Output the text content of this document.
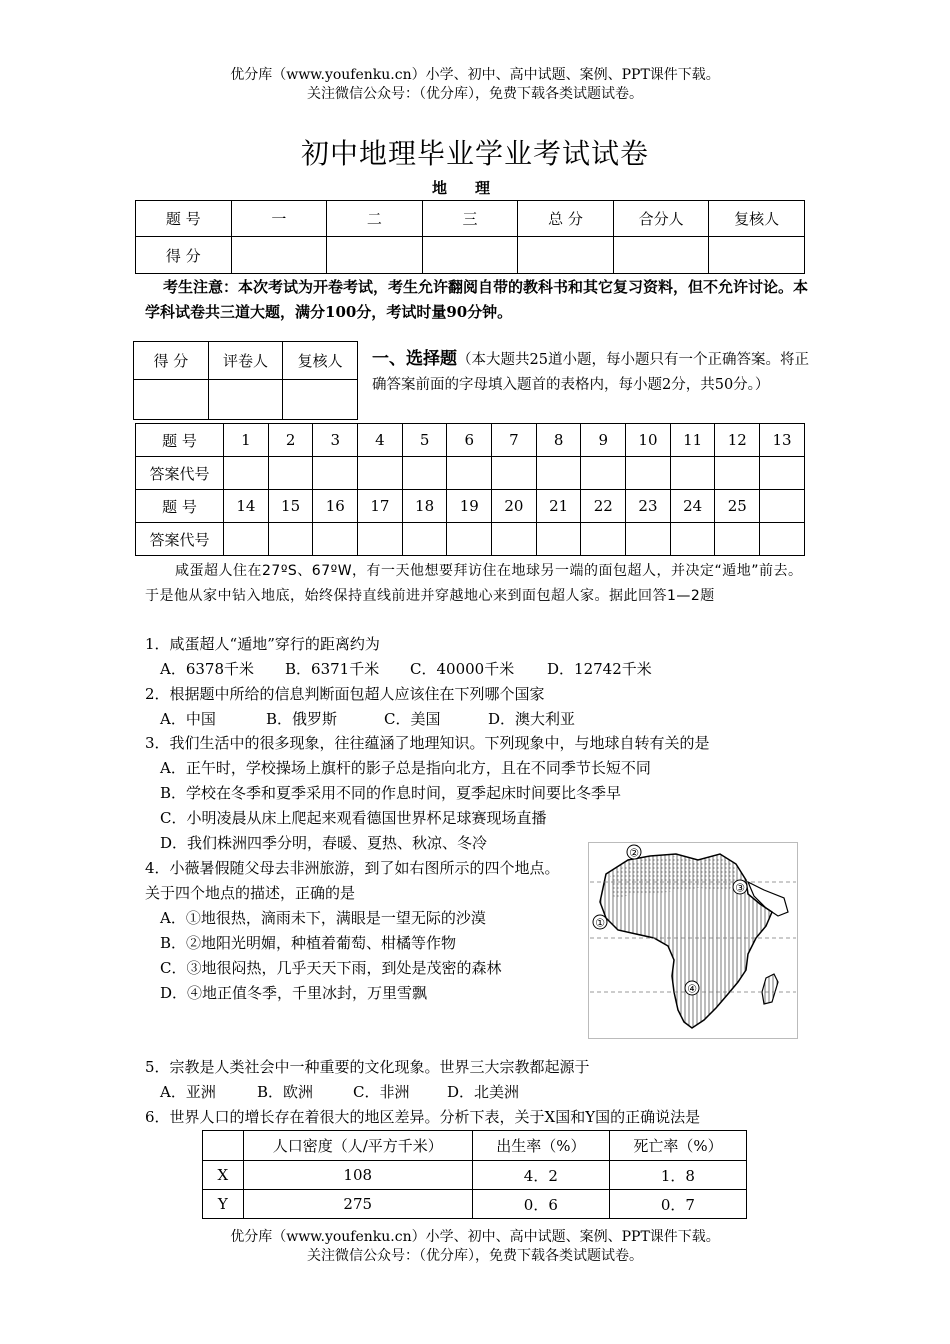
优分库（www.youfenku.cn）小学、初中、高中试题、案例、PPT课件下载。
关注微信公众号：（优分库），免费下载各类试题试卷。
初中地理毕业学业考试试卷
地理
题 号	一	二	三	总 分	合分人	复核人
得 分						
考生注意：本次考试为开卷考试，考生允许翻阅自带的教科书和其它复习资料，但不允许讨论。本学科试卷共三道大题，满分100分，考试时量90分钟。
得 分	评卷人	复核人
		一、选择题（本大题共25道小题，每小题只有一个正确答案。将正确答案前面的字母填入题首的表格内，每小题2分，共50分。）
题 号	1	2	3	4	5	6	7	8	9	10	11	12	13
答案代号													
题 号	14	15	16	17	18	19	20	21	22	23	24	25	
答案代号													
咸蛋超人住在27ºS、67ºW，有一天他想要拜访住在地球另一端的面包超人，并决定“遁地”前去。于是他从家中钻入地底，始终保持直线前进并穿越地心来到面包超人家。据此回答1—2题
1．咸蛋超人“遁地”穿行的距离约为
A．6378千米 B．6371千米 C．40000千米 D．12742千米
2．根据题中所给的信息判断面包超人应该住在下列哪个国家
A．中国	B．俄罗斯	C．美国	D．澳大利亚
3．我们生活中的很多现象，往往蕴涵了地理知识。下列现象中，与地球自转有关的是
A．正午时，学校操场上旗杆的影子总是指向北方，且在不同季节长短不同
B．学校在冬季和夏季采用不同的作息时间，夏季起床时间要比冬季早
C．小明凌晨从床上爬起来观看德国世界杯足球赛现场直播
D．我们株洲四季分明，春暖、夏热、秋凉、冬冷
4．小薇暑假随父母去非洲旅游，到了如右图所示的四个地点。关于四个地点的描述，正确的是
A．①地很热，滴雨未下，满眼是一望无际的沙漠
B．②地阳光明媚，种植着葡萄、柑橘等作物
C．③地很闷热，几乎天天下雨，到处是茂密的森林
D．④地正值冬季，千里冰封，万里雪飘
①
②
③
④
5．宗教是人类社会中一种重要的文化现象。世界三大宗教都起源于
A．亚洲	B．欧洲	C．非洲	D．北美洲
6．世界人口的增长存在着很大的地区差异。分析下表，关于X国和Y国的正确说法是
	人口密度（人/平方千米）	出生率（%）	死亡率（%）
X	108	4．2	1．8
Y	275	0．6	0．7
优分库（www.youfenku.cn）小学、初中、高中试题、案例、PPT课件下载。
关注微信公众号：（优分库），免费下载各类试题试卷。
